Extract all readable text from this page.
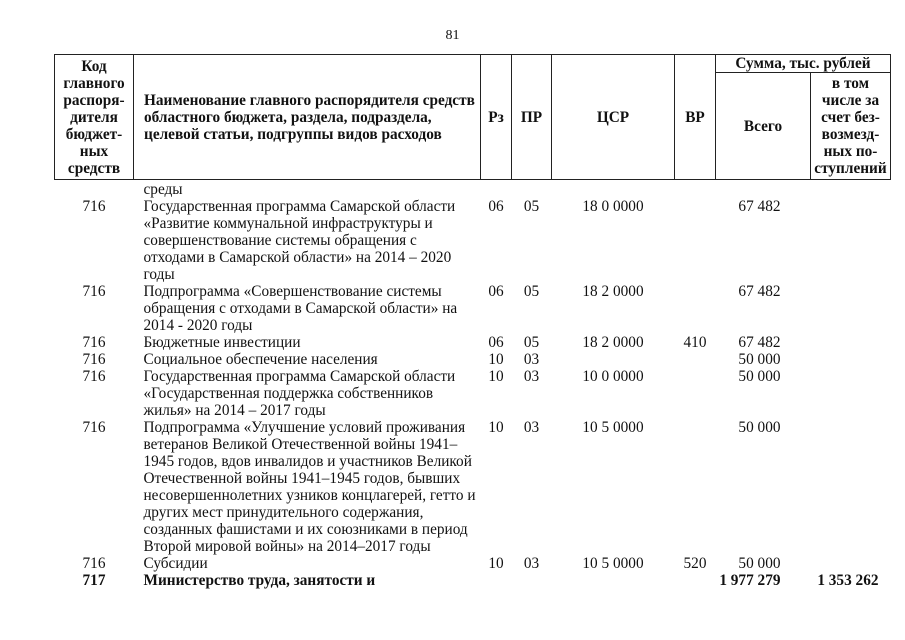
81
Код главного распоря-дителя бюджет-ных средств	Наименование главного распорядителя средств областного бюджета, раздела, подраздела, целевой статьи, подгруппы видов расходов	Рз	ПР	ЦСР	ВР	Сумма, тыс. рублей	
						Всего	в том числе за счет без-возмезд-ных по-ступлений
	среды						
716	Государственная программа Самарской области «Развитие коммунальной инфраструктуры и совершенствование системы обращения с отходами в Самарской области» на 2014 – 2020 годы	06	05	18 0 0000		67 482	
716	Подпрограмма «Совершенствование системы обращения с отходами в Самарской области» на 2014 - 2020 годы	06	05	18 2 0000		67 482	
716	Бюджетные инвестиции	06	05	18 2 0000	410	67 482	
716	Социальное обеспечение населения	10	03			50 000	
716	Государственная программа Самарской области «Государственная поддержка собственников жилья» на 2014 – 2017 годы	10	03	10 0 0000		50 000	
716	Подпрограмма «Улучшение условий проживания ветеранов Великой Отечественной войны 1941–1945 годов, вдов инвалидов и участников Великой Отечественной войны 1941–1945 годов, бывших несовершеннолетних узников концлагерей, гетто и других мест принудительного содержания, созданных фашистами и их союзниками в период Второй мировой войны» на 2014–2017 годы	10	03	10 5 0000		50 000	
716	Субсидии	10	03	10 5 0000	520	50 000	
717	Министерство труда, занятости и					1 977 279	1 353 262
